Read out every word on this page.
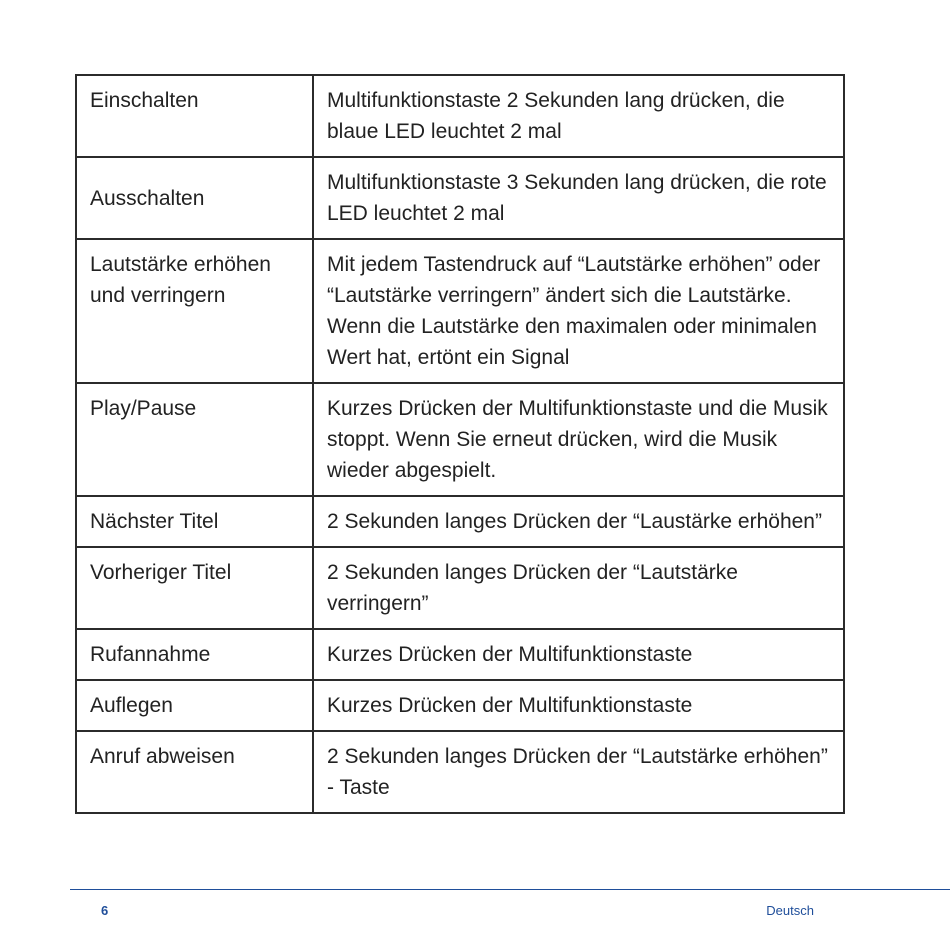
Einschalten	Multifunktionstaste 2 Sekunden lang drücken, die blaue LED leuchtet 2 mal
Ausschalten	Multifunktionstaste 3 Sekunden lang drücken, die rote LED leuchtet 2 mal
Lautstärke erhöhen und verringern	Mit jedem Tastendruck auf “Lautstärke erhöhen” oder “Lautstärke verringern” ändert sich die Lautstärke. Wenn die Lautstärke den maximalen oder minimalen Wert hat, ertönt ein Signal
Play/Pause	Kurzes Drücken der Multifunktionstaste und die Musik stoppt. Wenn Sie erneut drücken, wird die Musik wieder abgespielt.
Nächster Titel	2 Sekunden langes Drücken der “Laustärke erhöhen”
Vorheriger Titel	2 Sekunden langes Drücken der “Lautstärke verringern”
Rufannahme	Kurzes Drücken der Multifunktionstaste
Auflegen	Kurzes Drücken der Multifunktionstaste
Anruf abweisen	2 Sekunden langes Drücken der “Lautstärke erhöhen” - Taste
6	Deutsch
